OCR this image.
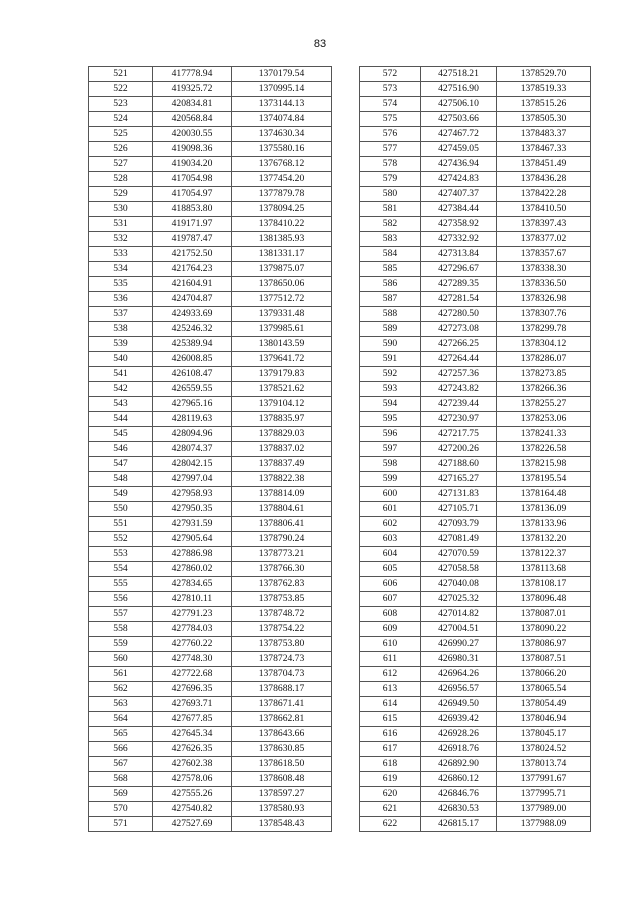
83
521	417778.94	1370179.54
522	419325.72	1370995.14
523	420834.81	1373144.13
524	420568.84	1374074.84
525	420030.55	1374630.34
526	419098.36	1375580.16
527	419034.20	1376768.12
528	417054.98	1377454.20
529	417054.97	1377879.78
530	418853.80	1378094.25
531	419171.97	1378410.22
532	419787.47	1381385.93
533	421752.50	1381331.17
534	421764.23	1379875.07
535	421604.91	1378650.06
536	424704.87	1377512.72
537	424933.69	1379331.48
538	425246.32	1379985.61
539	425389.94	1380143.59
540	426008.85	1379641.72
541	426108.47	1379179.83
542	426559.55	1378521.62
543	427965.16	1379104.12
544	428119.63	1378835.97
545	428094.96	1378829.03
546	428074.37	1378837.02
547	428042.15	1378837.49
548	427997.04	1378822.38
549	427958.93	1378814.09
550	427950.35	1378804.61
551	427931.59	1378806.41
552	427905.64	1378790.24
553	427886.98	1378773.21
554	427860.02	1378766.30
555	427834.65	1378762.83
556	427810.11	1378753.85
557	427791.23	1378748.72
558	427784.03	1378754.22
559	427760.22	1378753.80
560	427748.30	1378724.73
561	427722.68	1378704.73
562	427696.35	1378688.17
563	427693.71	1378671.41
564	427677.85	1378662.81
565	427645.34	1378643.66
566	427626.35	1378630.85
567	427602.38	1378618.50
568	427578.06	1378608.48
569	427555.26	1378597.27
570	427540.82	1378580.93
571	427527.69	1378548.43
572	427518.21	1378529.70
573	427516.90	1378519.33
574	427506.10	1378515.26
575	427503.66	1378505.30
576	427467.72	1378483.37
577	427459.05	1378467.33
578	427436.94	1378451.49
579	427424.83	1378436.28
580	427407.37	1378422.28
581	427384.44	1378410.50
582	427358.92	1378397.43
583	427332.92	1378377.02
584	427313.84	1378357.67
585	427296.67	1378338.30
586	427289.35	1378336.50
587	427281.54	1378326.98
588	427280.50	1378307.76
589	427273.08	1378299.78
590	427266.25	1378304.12
591	427264.44	1378286.07
592	427257.36	1378273.85
593	427243.82	1378266.36
594	427239.44	1378255.27
595	427230.97	1378253.06
596	427217.75	1378241.33
597	427200.26	1378226.58
598	427188.60	1378215.98
599	427165.27	1378195.54
600	427131.83	1378164.48
601	427105.71	1378136.09
602	427093.79	1378133.96
603	427081.49	1378132.20
604	427070.59	1378122.37
605	427058.58	1378113.68
606	427040.08	1378108.17
607	427025.32	1378096.48
608	427014.82	1378087.01
609	427004.51	1378090.22
610	426990.27	1378086.97
611	426980.31	1378087.51
612	426964.26	1378066.20
613	426956.57	1378065.54
614	426949.50	1378054.49
615	426939.42	1378046.94
616	426928.26	1378045.17
617	426918.76	1378024.52
618	426892.90	1378013.74
619	426860.12	1377991.67
620	426846.76	1377995.71
621	426830.53	1377989.00
622	426815.17	1377988.09
